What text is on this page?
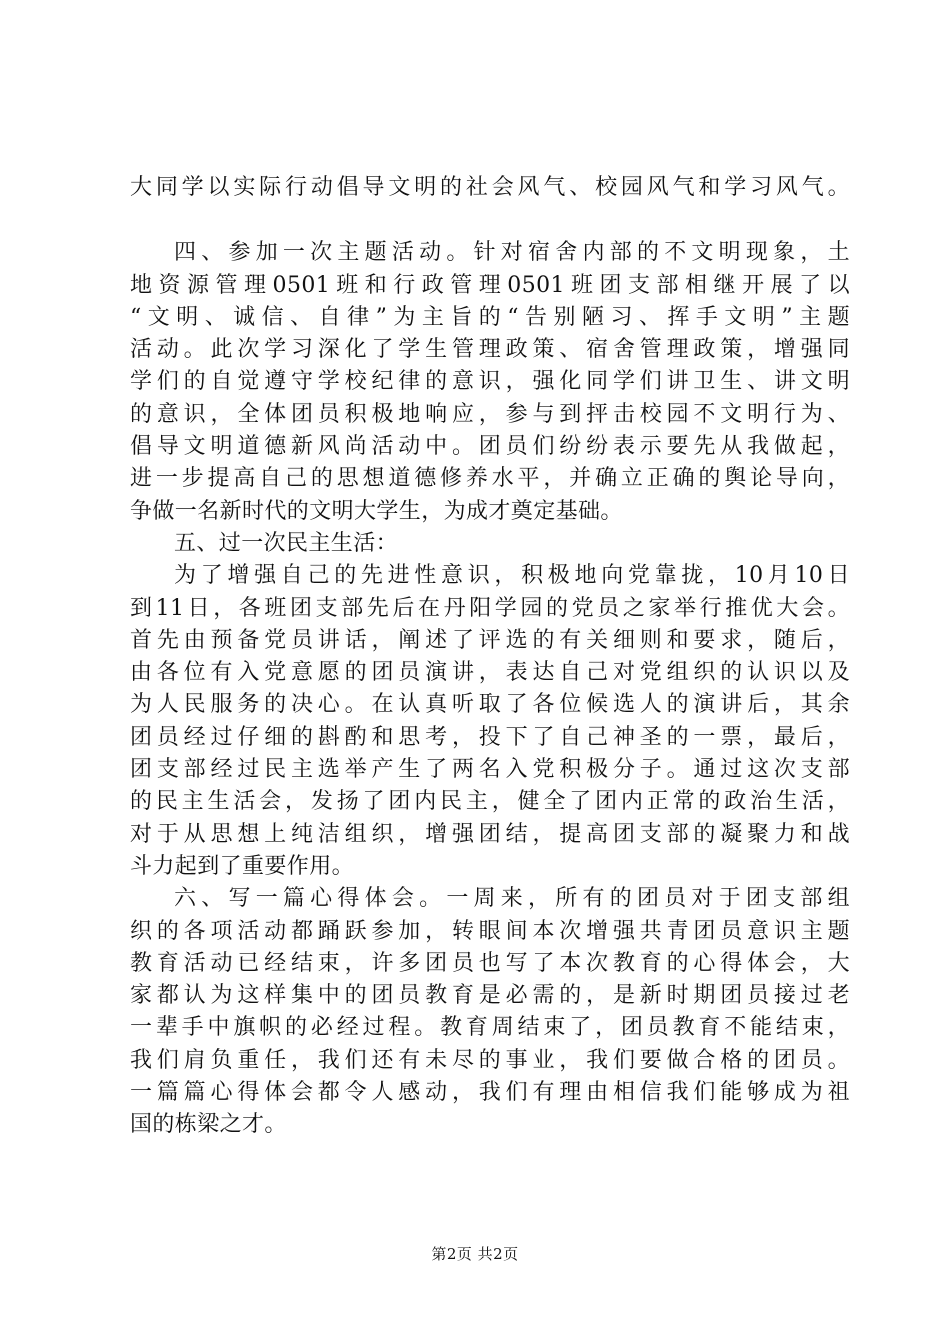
大同学以实际行动倡导文明的社会风气、校园风气和学习风气。
四、参加一次主题活动。针对宿舍内部的不文明现象，土
地资源管理0501班和行政管理0501班团支部相继开展了以
“文明、诚信、自律”为主旨的“告别陋习、挥手文明”主题
活动。此次学习深化了学生管理政策、宿舍管理政策，增强同
学们的自觉遵守学校纪律的意识，强化同学们讲卫生、讲文明
的意识，全体团员积极地响应，参与到抨击校园不文明行为、
倡导文明道德新风尚活动中。团员们纷纷表示要先从我做起，
进一步提高自己的思想道德修养水平，并确立正确的舆论导向，
争做一名新时代的文明大学生，为成才奠定基础。
五、过一次民主生活：
为了增强自己的先进性意识，积极地向党靠拢，10月10日
到11日，各班团支部先后在丹阳学园的党员之家举行推优大会。
首先由预备党员讲话，阐述了评选的有关细则和要求，随后，
由各位有入党意愿的团员演讲，表达自己对党组织的认识以及
为人民服务的决心。在认真听取了各位候选人的演讲后，其余
团员经过仔细的斟酌和思考，投下了自己神圣的一票，最后，
团支部经过民主选举产生了两名入党积极分子。通过这次支部
的民主生活会，发扬了团内民主，健全了团内正常的政治生活，
对于从思想上纯洁组织，增强团结，提高团支部的凝聚力和战
斗力起到了重要作用。
六、写一篇心得体会。一周来，所有的团员对于团支部组
织的各项活动都踊跃参加，转眼间本次增强共青团员意识主题
教育活动已经结束，许多团员也写了本次教育的心得体会，大
家都认为这样集中的团员教育是必需的，是新时期团员接过老
一辈手中旗帜的必经过程。教育周结束了，团员教育不能结束，
我们肩负重任，我们还有未尽的事业，我们要做合格的团员。
一篇篇心得体会都令人感动，我们有理由相信我们能够成为祖
国的栋梁之才。
第2页 共2页
